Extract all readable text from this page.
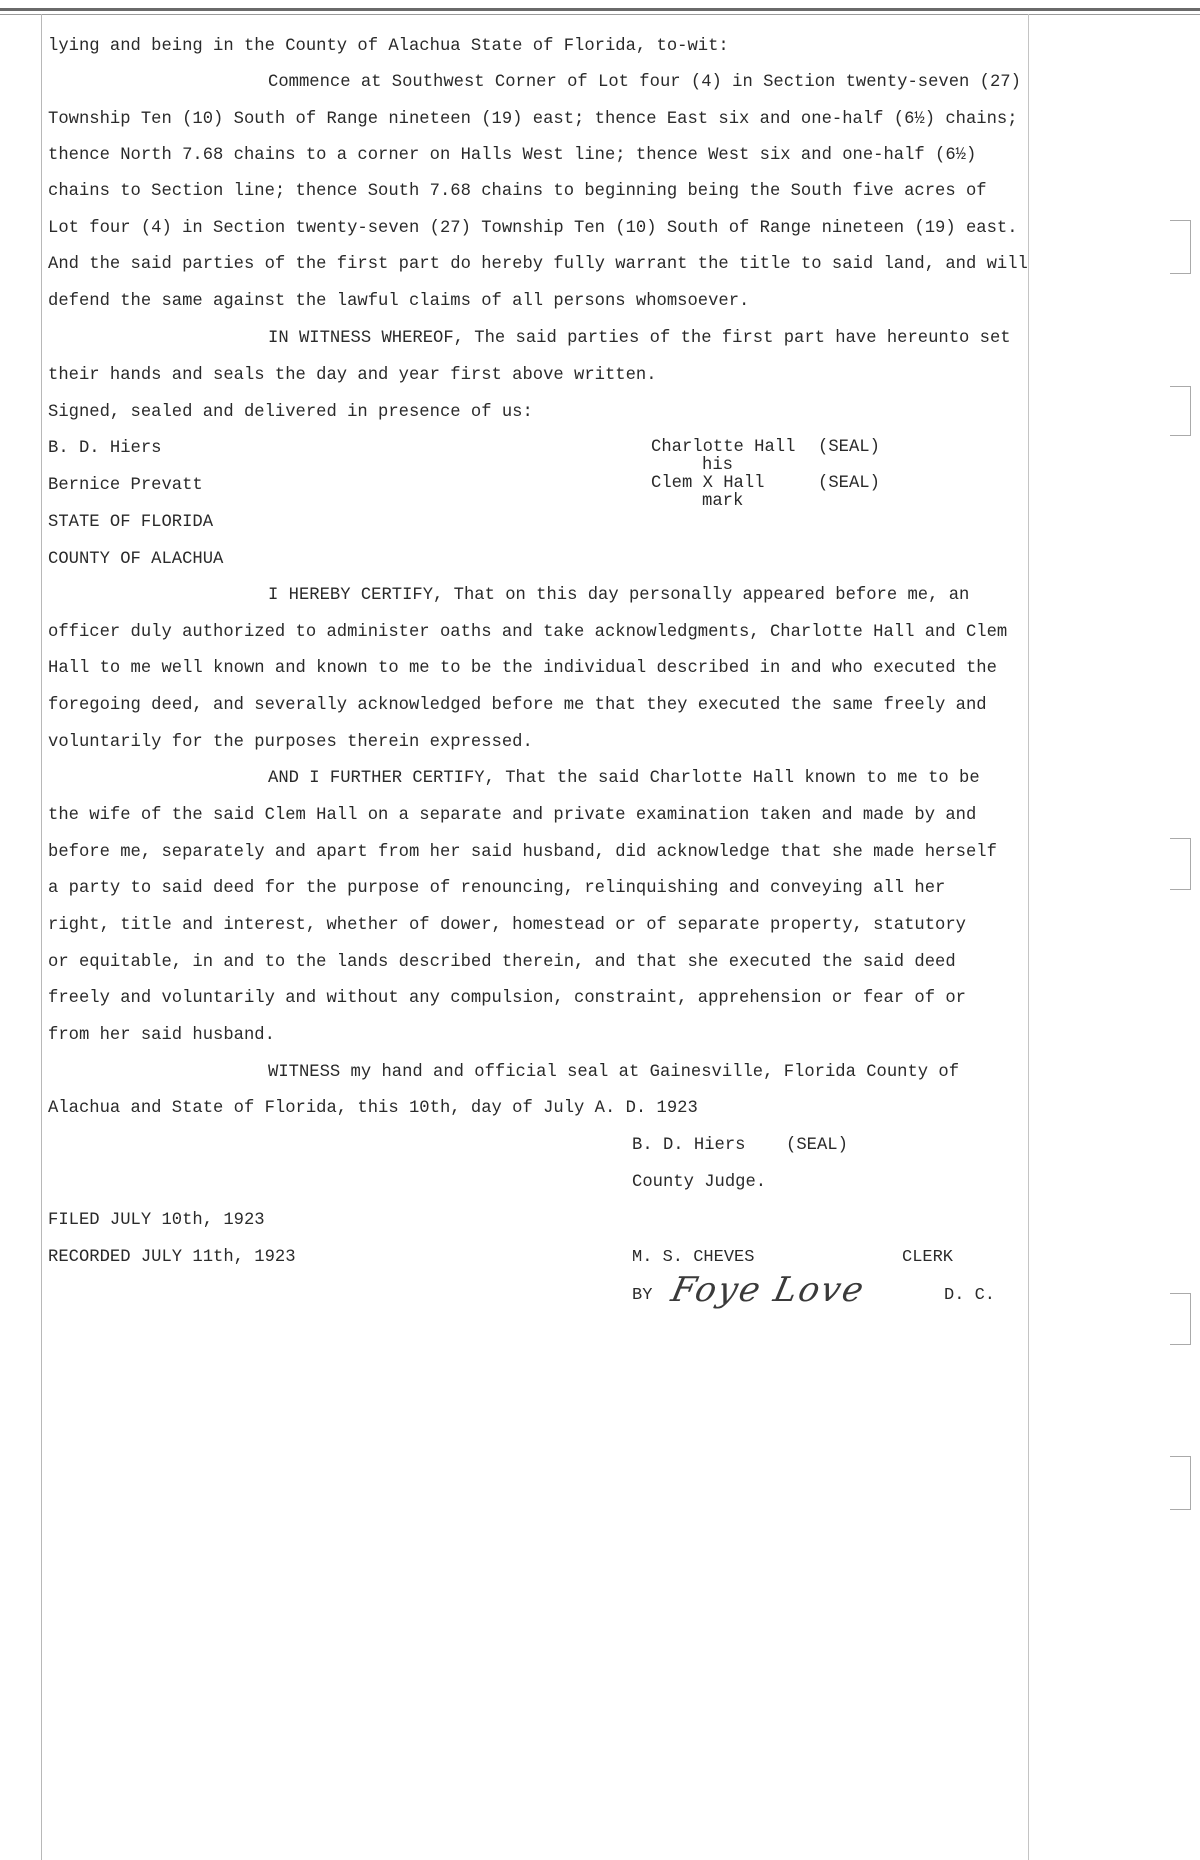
lying and being in the County of Alachua State of Florida, to-wit:
Commence at Southwest Corner of Lot four (4) in Section twenty-seven (27)
Township Ten (10) South of Range nineteen (19) east; thence East six and one-half (6½) chains;
thence North 7.68 chains to a corner on Halls West line; thence West six and one-half (6½)
chains to Section line; thence South 7.68 chains to beginning being the South five acres of
Lot four (4) in Section twenty-seven (27) Township Ten (10) South of Range nineteen (19) east.
And the said parties of the first part do hereby fully warrant the title to said land, and will
defend the same against the lawful claims of all persons whomsoever.
IN WITNESS WHEREOF, The said parties of the first part have hereunto set
their hands and seals the day and year first above written.
Signed, sealed and delivered in presence of us:
B. D. Hiers
Bernice Prevatt
Charlotte Hall (SEAL)
his
Clem X Hall	(SEAL)
mark
STATE OF FLORIDA
COUNTY OF ALACHUA
I HEREBY CERTIFY, That on this day personally appeared before me, an
officer duly authorized to administer oaths and take acknowledgments, Charlotte Hall and Clem
Hall to me well known and known to me to be the individual described in and who executed the
foregoing deed, and severally acknowledged before me that they executed the same freely and
voluntarily for the purposes therein expressed.
AND I FURTHER CERTIFY, That the said Charlotte Hall known to me to be
the wife of the said Clem Hall on a separate and private examination taken and made by and
before me, separately and apart from her said husband, did acknowledge that she made herself
a party to said deed for the purpose of renouncing, relinquishing and conveying all her
right, title and interest, whether of dower, homestead or of separate property, statutory
or equitable, in and to the lands described therein, and that she executed the said deed
freely and voluntarily and without any compulsion, constraint, apprehension or fear of or
from her said husband.
WITNESS my hand and official seal at Gainesville, Florida County of
Alachua and State of Florida, this 10th, day of July A. D. 1923
B. D. Hiers (SEAL)
County Judge.
FILED JULY 10th, 1923
RECORDED JULY 11th, 1923	M. S. CHEVES	CLERK
BY Foye Love	D. C.
